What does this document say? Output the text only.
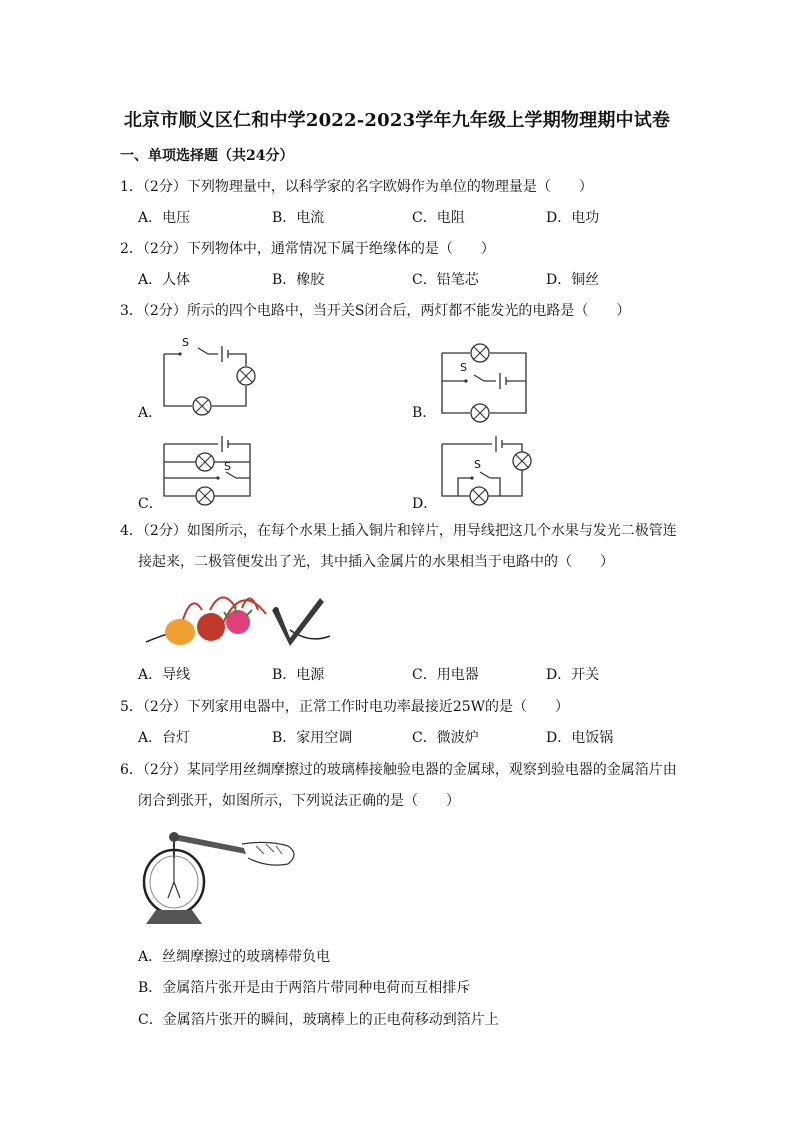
北京市顺义区仁和中学2022-2023学年九年级上学期物理期中试卷
一、单项选择题（共24分）
1．（2分）下列物理量中，以科学家的名字欧姆作为单位的物理量是（　　）
A．电压	B．电流	C．电阻	D．电功
2．（2分）下列物体中，通常情况下属于绝缘体的是（　　）
A．人体	B．橡胶	C．铅笔芯	D．铜丝
3．（2分）所示的四个电路中，当开关S闭合后，两灯都不能发光的电路是（　　）
A．	B．
C．	D．
S
S
S	S
4．（2分）如图所示，在每个水果上插入铜片和锌片，用导线把这几个水果与发光二极管连
接起来，二极管便发出了光，其中插入金属片的水果相当于电路中的（　　）
A．导线	B．电源	C．用电器	D．开关
5．（2分）下列家用电器中，正常工作时电功率最接近25W的是（　　）
A．台灯	B．家用空调	C．微波炉	D．电饭锅
6．（2分）某同学用丝绸摩擦过的玻璃棒接触验电器的金属球，观察到验电器的金属箔片由
闭合到张开，如图所示，下列说法正确的是（　　）
A．丝绸摩擦过的玻璃棒带负电
B．金属箔片张开是由于两箔片带同种电荷而互相排斥
C．金属箔片张开的瞬间，玻璃棒上的正电荷移动到箔片上
